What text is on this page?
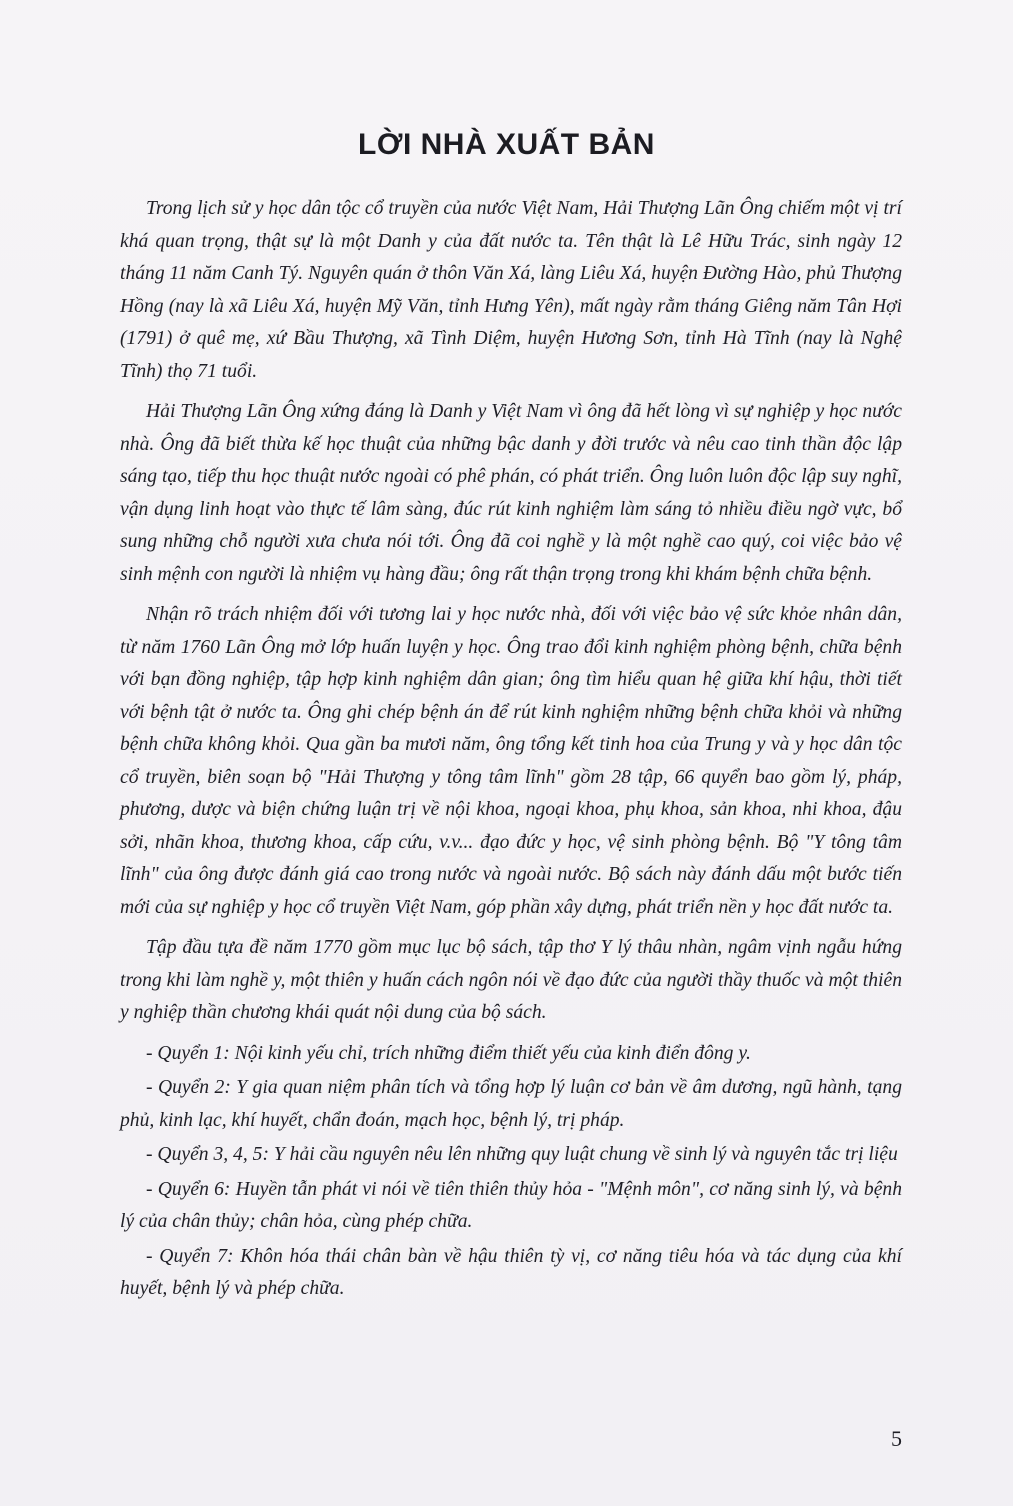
LỜI NHÀ XUẤT BẢN

Trong lịch sử y học dân tộc cổ truyền của nước Việt Nam, Hải Thượng Lãn Ông chiếm một vị trí khá quan trọng, thật sự là một Danh y của đất nước ta. Tên thật là Lê Hữu Trác, sinh ngày 12 tháng 11 năm Canh Tý. Nguyên quán ở thôn Văn Xá, làng Liêu Xá, huyện Đường Hào, phủ Thượng Hồng (nay là xã Liêu Xá, huyện Mỹ Văn, tỉnh Hưng Yên), mất ngày rằm tháng Giêng năm Tân Hợi (1791) ở quê mẹ, xứ Bầu Thượng, xã Tình Diệm, huyện Hương Sơn, tỉnh Hà Tĩnh (nay là Nghệ Tĩnh) thọ 71 tuổi.

Hải Thượng Lãn Ông xứng đáng là Danh y Việt Nam vì ông đã hết lòng vì sự nghiệp y học nước nhà. Ông đã biết thừa kế học thuật của những bậc danh y đời trước và nêu cao tinh thần độc lập sáng tạo, tiếp thu học thuật nước ngoài có phê phán, có phát triển. Ông luôn luôn độc lập suy nghĩ, vận dụng linh hoạt vào thực tế lâm sàng, đúc rút kinh nghiệm làm sáng tỏ nhiều điều ngờ vực, bổ sung những chỗ người xưa chưa nói tới. Ông đã coi nghề y là một nghề cao quý, coi việc bảo vệ sinh mệnh con người là nhiệm vụ hàng đầu; ông rất thận trọng trong khi khám bệnh chữa bệnh.

Nhận rõ trách nhiệm đối với tương lai y học nước nhà, đối với việc bảo vệ sức khỏe nhân dân, từ năm 1760 Lãn Ông mở lớp huấn luyện y học. Ông trao đổi kinh nghiệm phòng bệnh, chữa bệnh với bạn đồng nghiệp, tập hợp kinh nghiệm dân gian; ông tìm hiểu quan hệ giữa khí hậu, thời tiết với bệnh tật ở nước ta. Ông ghi chép bệnh án để rút kinh nghiệm những bệnh chữa khỏi và những bệnh chữa không khỏi. Qua gần ba mươi năm, ông tổng kết tinh hoa của Trung y và y học dân tộc cổ truyền, biên soạn bộ "Hải Thượng y tông tâm lĩnh" gồm 28 tập, 66 quyển bao gồm lý, pháp, phương, dược và biện chứng luận trị về nội khoa, ngoại khoa, phụ khoa, sản khoa, nhi khoa, đậu sởi, nhãn khoa, thương khoa, cấp cứu, v.v... đạo đức y học, vệ sinh phòng bệnh. Bộ "Y tông tâm lĩnh" của ông được đánh giá cao trong nước và ngoài nước. Bộ sách này đánh dấu một bước tiến mới của sự nghiệp y học cổ truyền Việt Nam, góp phần xây dựng, phát triển nền y học đất nước ta.

Tập đầu tựa đề năm 1770 gồm mục lục bộ sách, tập thơ Y lý thâu nhàn, ngâm vịnh ngẫu hứng trong khi làm nghề y, một thiên y huấn cách ngôn nói về đạo đức của người thầy thuốc và một thiên y nghiệp thần chương khái quát nội dung của bộ sách.

- Quyển 1: Nội kinh yếu chỉ, trích những điểm thiết yếu của kinh điển đông y.

- Quyển 2: Y gia quan niệm phân tích và tổng hợp lý luận cơ bản về âm dương, ngũ hành, tạng phủ, kinh lạc, khí huyết, chẩn đoán, mạch học, bệnh lý, trị pháp.

- Quyển 3, 4, 5: Y hải cầu nguyên nêu lên những quy luật chung về sinh lý và nguyên tắc trị liệu

- Quyển 6: Huyền tẫn phát vi nói về tiên thiên thủy hỏa - "Mệnh môn", cơ năng sinh lý, và bệnh lý của chân thủy; chân hỏa, cùng phép chữa.

- Quyển 7: Khôn hóa thái chân bàn về hậu thiên tỳ vị, cơ năng tiêu hóa và tác dụng của khí huyết, bệnh lý và phép chữa.

5
